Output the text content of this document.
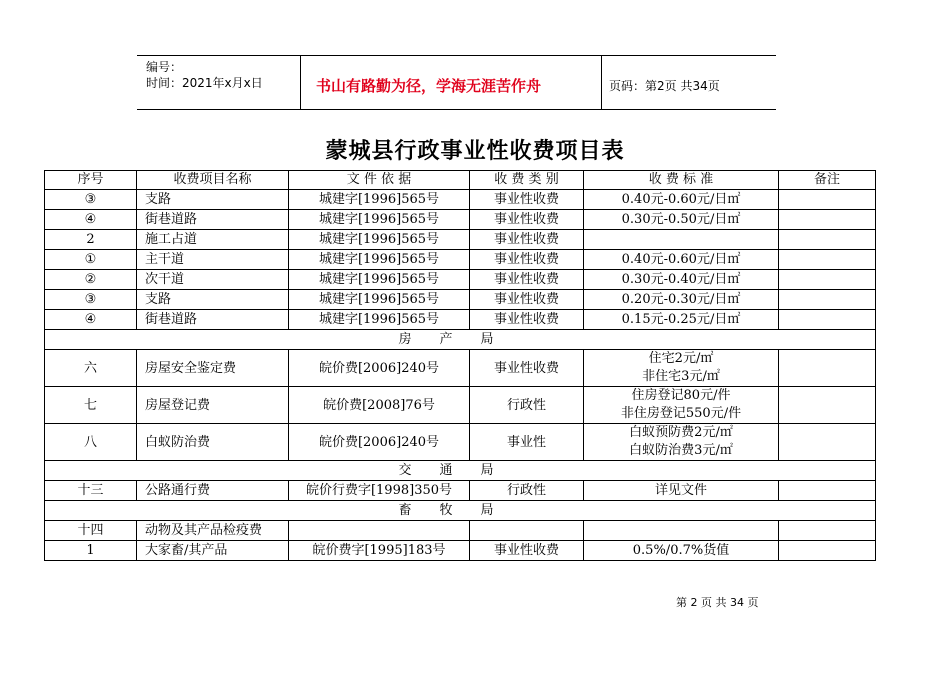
编号：
时间：2021年x月x日	书山有路勤为径，学海无涯苦作舟	页码：第2页 共34页
蒙城县行政事业性收费项目表
序号	收费项目名称	文 件 依 据	收 费 类 别	收 费 标 准	备注
③	支路	城建字[1996]565号	事业性收费	0.40元-0.60元/日㎡	
④	街巷道路	城建字[1996]565号	事业性收费	0.30元-0.50元/日㎡	
2	施工占道	城建字[1996]565号	事业性收费		
①	主干道	城建字[1996]565号	事业性收费	0.40元-0.60元/日㎡	
②	次干道	城建字[1996]565号	事业性收费	0.30元-0.40元/日㎡	
③	支路	城建字[1996]565号	事业性收费	0.20元-0.30元/日㎡	
④	街巷道路	城建字[1996]565号	事业性收费	0.15元-0.25元/日㎡	
房产局					
六	房屋安全鉴定费	皖价费[2006]240号	事业性收费	住宅2元/㎡
非住宅3元/㎡	

七	房屋登记费	皖价费[2008]76号	行政性	住房登记80元/件
非住房登记550元/件	

八	白蚁防治费	皖价费[2006]240号	事业性	白蚁预防费2元/㎡
白蚁防治费3元/㎡	

交通局					
十三	公路通行费	皖价行费字[1998]350号	行政性	详见文件	
畜牧局					
十四	动物及其产品检疫费				
1	大家畜/其产品	皖价费字[1995]183号	事业性收费	0.5%/0.7%货值	
第 2 页 共 34 页
